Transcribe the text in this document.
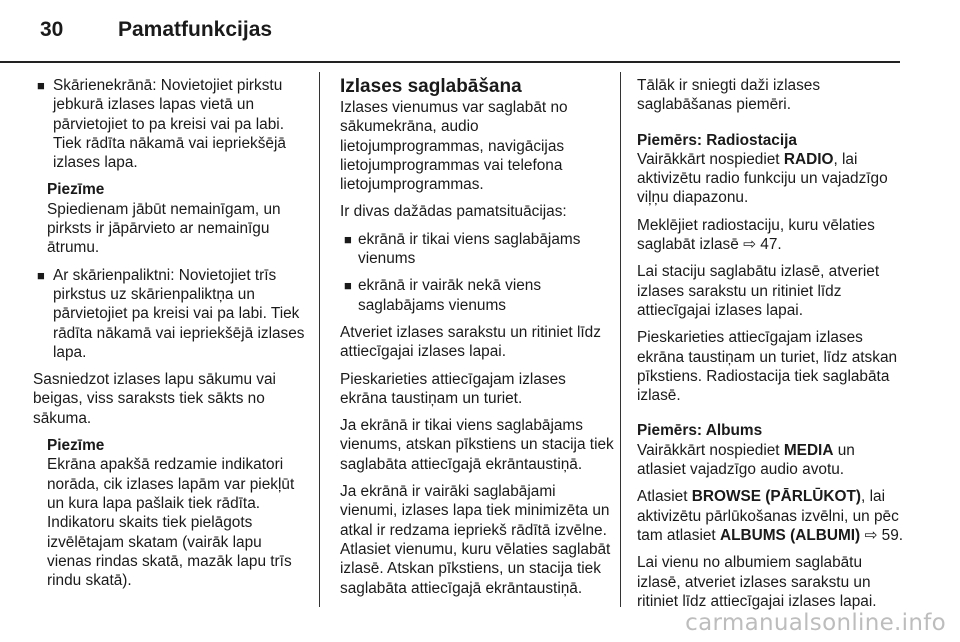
30	Pamatfunkcijas
■ Skārienekrānā: Novietojiet pirkstu jebkurā izlases lapas vietā un pārvietojiet to pa kreisi vai pa labi. Tiek rādīta nākamā vai iepriekšējā izlases lapa.
Piezīme
Spiedienam jābūt nemainīgam, un pirksts ir jāpārvieto ar nemainīgu ātrumu.
■ Ar skārienpaliktni: Novietojiet trīs pirkstus uz skārienpaliktņa un pārvietojiet pa kreisi vai pa labi. Tiek rādīta nākamā vai iepriekšējā izlases lapa.

Sasniedzot izlases lapu sākumu vai beigas, viss saraksts tiek sākts no sākuma.

Piezīme
Ekrāna apakšā redzamie indikatori norāda, cik izlases lapām var piekļūt un kura lapa pašlaik tiek rādīta. Indikatoru skaits tiek pielāgots izvēlētajam skatam (vairāk lapu vienas rindas skatā, mazāk lapu trīs rindu skatā).
Izlases saglabāšana

Izlases vienumus var saglabāt no sākumekrāna, audio lietojumprogrammas, navigācijas lietojumprogrammas vai telefona lietojumprogrammas.

Ir divas dažādas pamatsituācijas:

■ ekrānā ir tikai viens saglabājams vienums
■ ekrānā ir vairāk nekā viens saglabājams vienums

Atveriet izlases sarakstu un ritiniet līdz attiecīgajai izlases lapai.

Pieskarieties attiecīgajam izlases ekrāna taustiņam un turiet.

Ja ekrānā ir tikai viens saglabājams vienums, atskan pīkstiens un stacija tiek saglabāta attiecīgajā ekrāntaustiņā.

Ja ekrānā ir vairāki saglabājami vienumi, izlases lapa tiek minimizēta un atkal ir redzama iepriekš rādītā izvēlne. Atlasiet vienumu, kuru vēlaties saglabāt izlasē. Atskan pīkstiens, un stacija tiek saglabāta attiecīgajā ekrāntaustiņā.

Tālāk ir sniegti daži izlases saglabāšanas piemēri.

Piemērs: Radiostacija
Vairākkārt nospiediet RADIO, lai aktivizētu radio funkciju un vajadzīgo viļņu diapazonu.

Meklējiet radiostaciju, kuru vēlaties saglabāt izlasē ⇨ 47.

Lai staciju saglabātu izlasē, atveriet izlases sarakstu un ritiniet līdz attiecīgajai izlases lapai.

Pieskarieties attiecīgajam izlases ekrāna taustiņam un turiet, līdz atskan pīkstiens. Radiostacija tiek saglabāta izlasē.

Piemērs: Albums
Vairākkārt nospiediet MEDIA un atlasiet vajadzīgo audio avotu.

Atlasiet BROWSE (PĀRLŪKOT), lai aktivizētu pārlūkošanas izvēlni, un pēc tam atlasiet ALBUMS (ALBUMI) ⇨ 59.

Lai vienu no albumiem saglabātu izlasē, atveriet izlases sarakstu un ritiniet līdz attiecīgajai izlases lapai.

carmanualsonline.info
